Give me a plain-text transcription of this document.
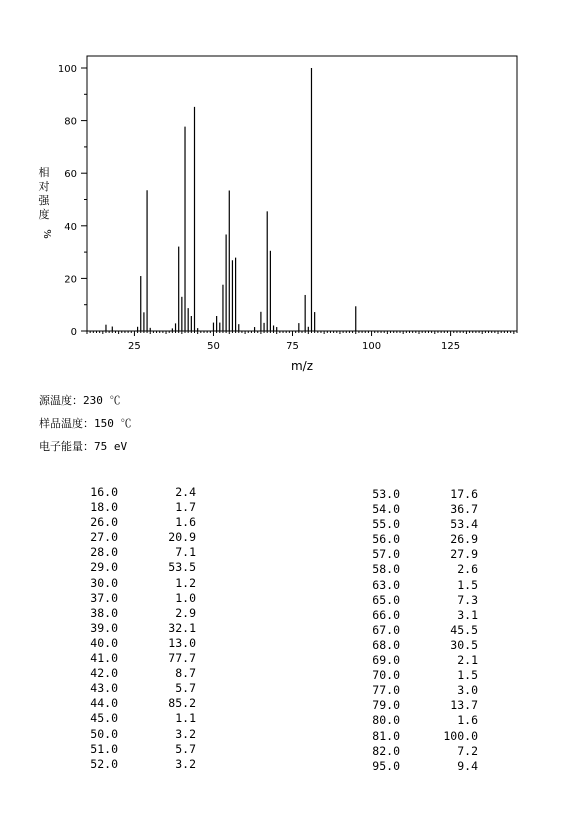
0
20
40
60
80
100
25	50	75	100	125
相
对
强
度
%
m/z
源温度：230 ℃
样品温度：150 ℃
电子能量：75 eV
16.0	2.4
18.0	1.7
26.0	1.6
27.0	20.9
28.0	7.1
29.0	53.5
30.0	1.2
37.0	1.0
38.0	2.9
39.0	32.1
40.0	13.0
41.0	77.7
42.0	8.7
43.0	5.7
44.0	85.2
45.0	1.1
50.0	3.2
51.0	5.7
52.0	3.2
53.0	17.6
54.0	36.7
55.0	53.4
56.0	26.9
57.0	27.9
58.0	2.6
63.0	1.5
65.0	7.3
66.0	3.1
67.0	45.5
68.0	30.5
69.0	2.1
70.0	1.5
77.0	3.0
79.0	13.7
80.0	1.6
81.0	100.0
82.0	7.2
95.0	9.4
